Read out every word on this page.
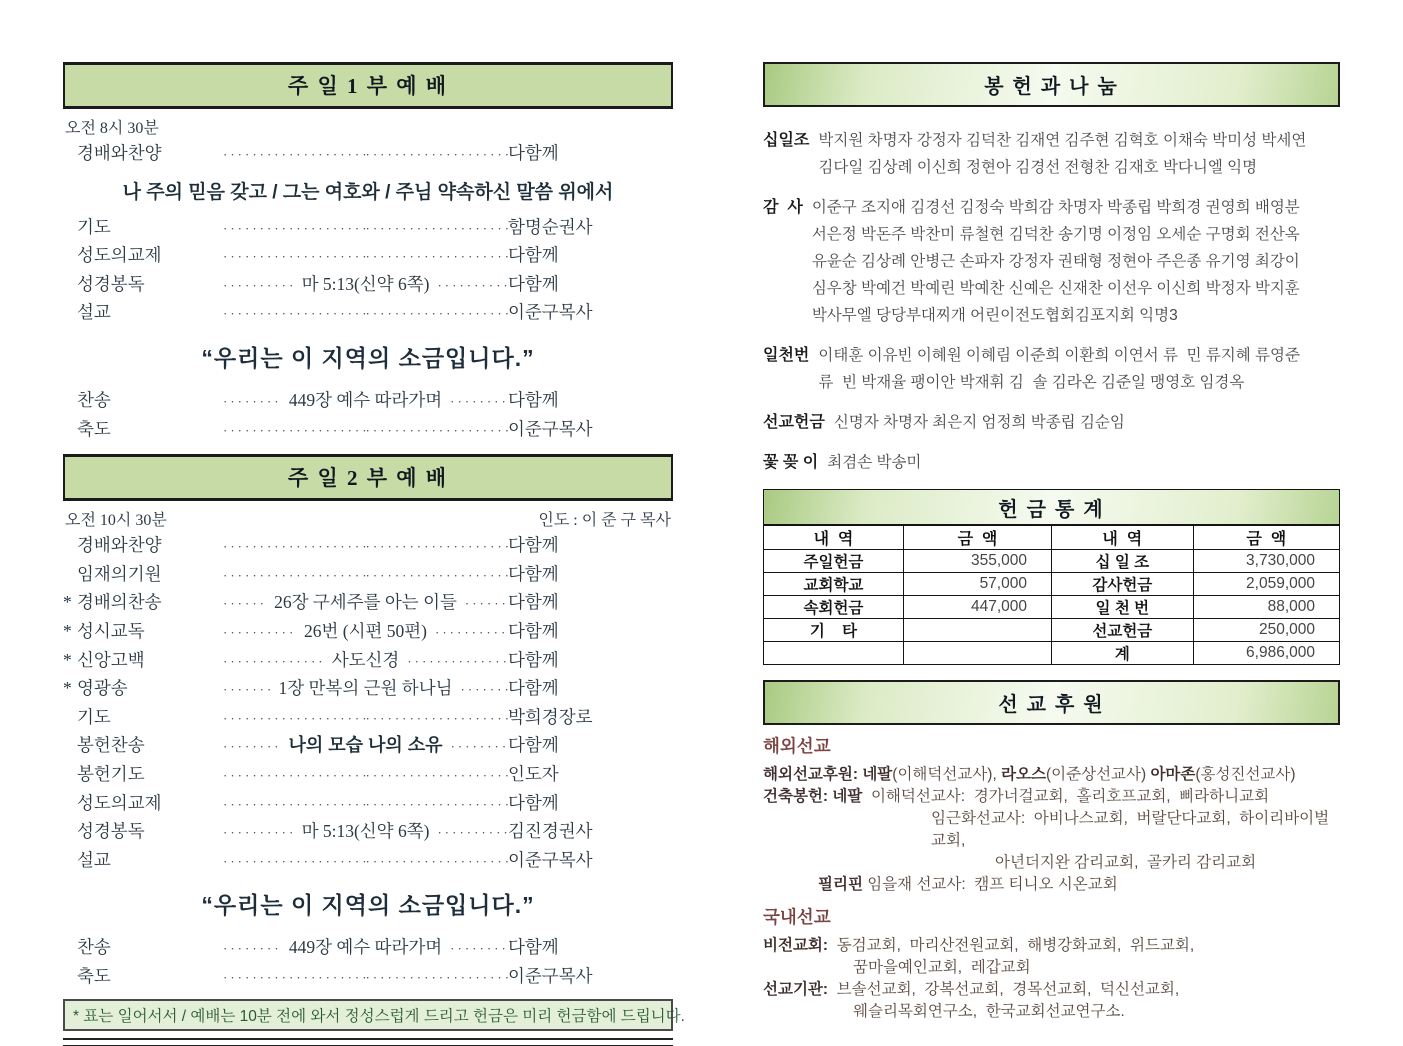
주 일 1 부 예 배
오전 8시 30분
경배와찬양 ····· ·····	다함께
나 주의 믿음 갖고 / 그는 여호와 / 주님 약속하신 말씀 위에서
기도 ····· ·····	함명순권사
성도의교제 ····· ·····	다함께
성경봉독 ·····	마 5:13(신약 6쪽) ·····	다함께
설교 ····· ·····	이준구목사
“우리는 이 지역의 소금입니다.”
찬송 ·····	449장 예수 따라가며 ·····	다함께
축도 ····· ·····	이준구목사
주 일 2 부 예 배
오전 10시 30분	인도 : 이 준 구 목사
경배와찬양 ····· ·····	다함께
임재의기원 ····· ·····	다함께
* 경배의찬송 ·····	26장 구세주를 아는 이들 ·····	다함께
* 성시교독 ·····	26번 (시편 50편) ·····	다함께
* 신앙고백 ·····	사도신경 ·····	다함께
* 영광송 ·····	1장 만복의 근원 하나님 ·····	다함께
기도 ····· ·····	박희경장로
봉헌찬송 ·····	나의 모습 나의 소유 ·····	다함께
봉헌기도 ····· ·····	인도자
성도의교제 ····· ·····	다함께
성경봉독 ·····	마 5:13(신약 6쪽) ·····	김진경권사
설교 ····· ·····	이준구목사
“우리는 이 지역의 소금입니다.”
찬송 ·····	449장 예수 따라가며 ·····	다함께
축도 ····· ·····	이준구목사
* 표는 일어서서 / 예배는 10분 전에 와서 정성스럽게 드리고 헌금은 미리 헌금함에 드립니다.
봉 헌 과 나 눔
십일조 박지원 차명자 강정자 김덕찬 김재연 김주현 김혁호 이채숙 박미성 박세연
김다일 김상례 이신희 정현아 김경선 전형찬 김재호 박다니엘 익명
감  사 이준구 조지애 김경선 김정숙 박희감 차명자 박종립 박희경 권영희 배영분
서은정 박돈주 박찬미 류철현 김덕찬 송기명 이정임 오세순 구명회 전산옥
유윤순 김상례 안병근 손파자 강정자 권태형 정현아 주은종 유기영 최강이
심우창 박예건 박예린 박예찬 신예은 신재찬 이선우 이신희 박정자 박지훈
박사무엘 당당부대찌개 어린이전도협회김포지회 익명3
일천번 이태훈 이유빈 이혜원 이혜림 이준희 이환희 이연서 류  민 류지혜 류영준
류  빈 박재율 팽이안 박재휘 김  솔 김라온 김준일 맹영호 임경옥
선교헌금 신명자 차명자 최은지 엄정희 박종립 김순임
꽃 꽂 이 최겸손 박송미
헌 금 통 계			
내  역	금  액	내  역	금  액
주일헌금	355,000	십 일 조	3,730,000
교회학교	57,000	감사헌금	2,059,000
속회헌금	447,000	일 천 번	88,000
기    타		선교헌금	250,000
		계	6,986,000
선 교 후 원
해외선교
해외선교후원: 네팔(이해덕선교사), 라오스(이준상선교사) 아마존(홍성진선교사)
건축봉헌: 네팔  이해덕선교사:  경가너걸교회,  홀리호프교회,  삐라하니교회
임근화선교사:  아비나스교회,  버랄단다교회,  하이리바이벌교회,
아년더지완 감리교회,  골카리 감리교회
필리핀 임을재 선교사:  캠프 티니오 시온교회
국내선교
비전교회:  동검교회,  마리산전원교회,  해병강화교회,  위드교회,
꿈마을예인교회,  레갑교회
선교기관:  브솔선교회,  강복선교회,  경목선교회,  덕신선교회,
웨슬리목회연구소,  한국교회선교연구소.
